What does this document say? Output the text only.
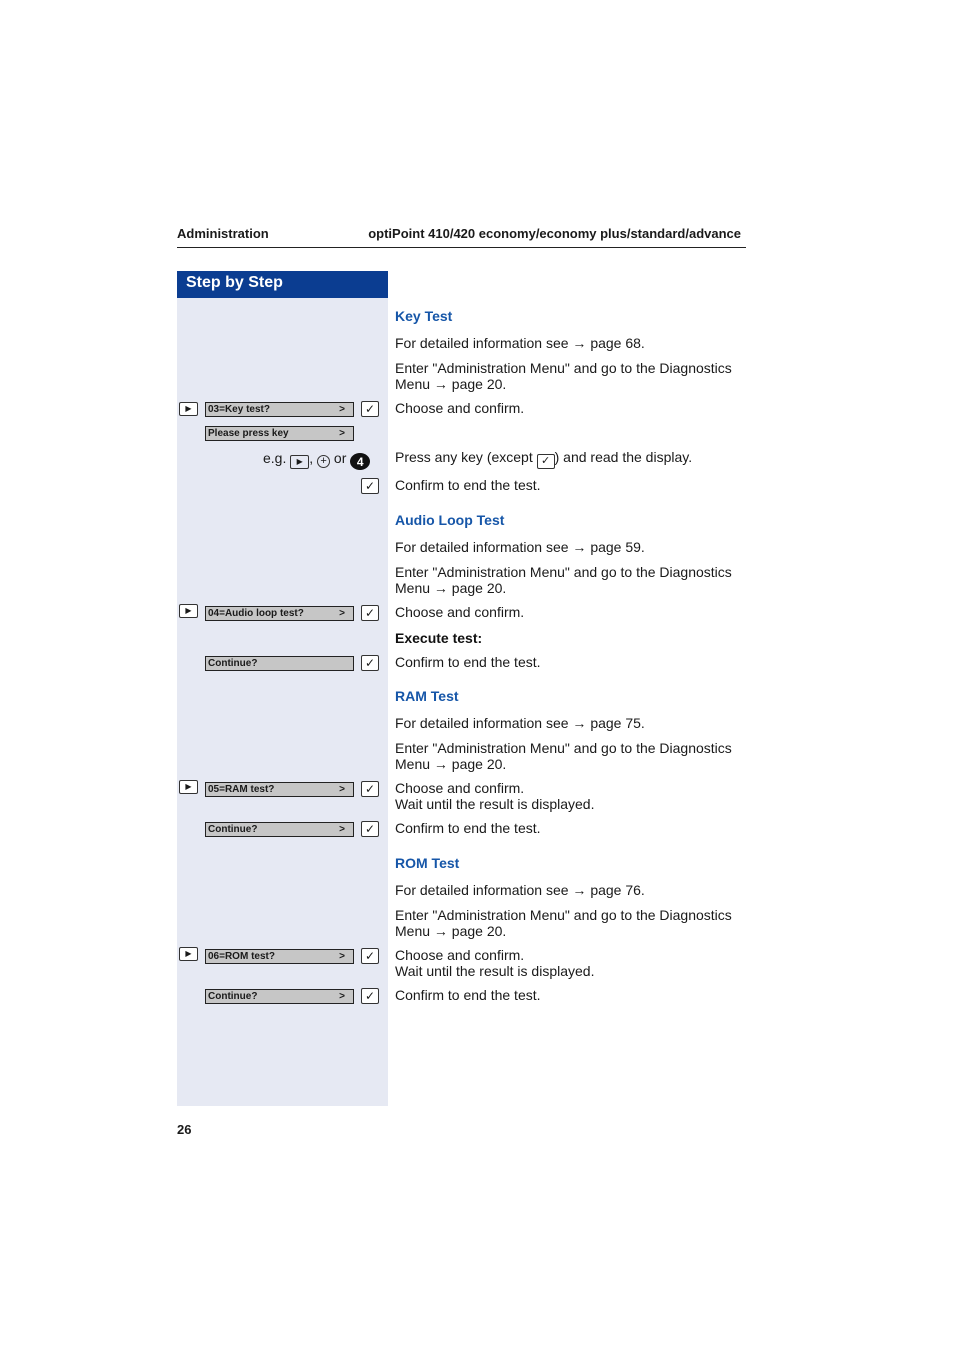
Administration	optiPoint 410/420 economy/economy plus/standard/advance
Step by Step
Key Test
For detailed information see → page 68.
Enter "Administration Menu" and go to the Diagnostics
Menu → page 20.
▶	03=Key test?	>	✓ Choose and confirm.
Please press key	>
e.g. ▶ , + or 4	Press any key (except ✓ ) and read the display.
✓ Confirm to end the test.
Audio Loop Test
For detailed information see → page 59.
Enter "Administration Menu" and go to the Diagnostics
Menu → page 20.
▶	04=Audio loop test?	>	✓ Choose and confirm.
Execute test:
Continue?	✓ Confirm to end the test.
RAM Test
For detailed information see → page 75.
Enter "Administration Menu" and go to the Diagnostics
Menu → page 20.
▶	05=RAM test?	>	✓ Choose and confirm.
Wait until the result is displayed.
Continue?	>	✓ Confirm to end the test.
ROM Test
For detailed information see → page 76.
Enter "Administration Menu" and go to the Diagnostics
Menu → page 20.
▶	06=ROM test?	>	✓ Choose and confirm.
Wait until the result is displayed.
Continue?	>	✓ Confirm to end the test.
26
